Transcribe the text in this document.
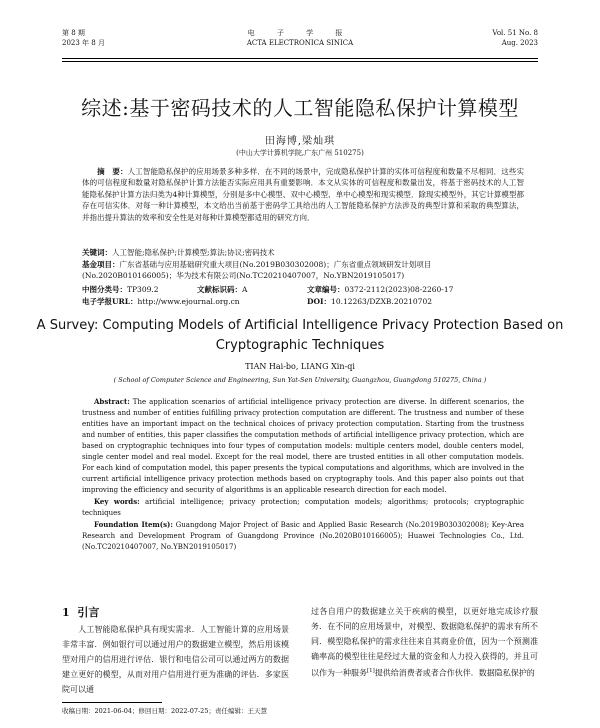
第 8 期
2023 年 8 月
电 子 学 报
ACTA ELECTRONICA SINICA
Vol. 51 No. 8
Aug. 2023
综述:基于密码技术的人工智能隐私保护计算模型
田海博,梁灿琪
(中山大学计算机学院,广东广州 510275)
摘　要：人工智能隐私保护的应用场景多种多样．在不同的场景中，完成隐私保护计算的实体可信程度和数量不尽相同．这些实体的可信程度和数量对隐私保护计算方法能否实际应用具有重要影响．本文从实体的可信程度和数量出发，将基于密码技术的人工智能隐私保护计算方法归类为4种计算模型，分别是多中心模型、双中心模型、单中心模型和现实模型．除现实模型外，其它计算模型都存在可信实体．对每一种计算模型，本文给出当前基于密码学工具给出的人工智能隐私保护方法涉及的典型计算和采取的典型算法，并指出提升算法的效率和安全性是对每种计算模型都适用的研究方向．
关键词：人工智能;隐私保护;计算模型;算法;协议;密码技术
基金项目：广东省基础与应用基础研究重大项目(No.2019B030302008)；广东省重点领域研发计划项目(No.2020B010166005)；华为技术有限公司(No.TC20210407007，No.YBN2019105017)
中图分类号：TP309.2	文献标识码：A	文章编号：0372-2112(2023)08-2260-17
电子学报URL：http://www.ejournal.org.cn	DOI：10.12263/DZXB.20210702
A Survey: Computing Models of Artificial Intelligence Privacy Protection Based on Cryptographic Techniques
TIAN Hai-bo, LIANG Xin-qi
( School of Computer Science and Engineering, Sun Yat-Sen University, Guangzhou, Guangdong 510275, China )

Abstract: The application scenarios of artificial intelligence privacy protection are diverse. In different scenarios, the trustness and number of entities fulfilling privacy protection computation are different. The trustness and number of these entities have an important impact on the technical choices of privacy protection computation. Starting from the trustness and number of entities, this paper classifies the computation methods of artificial intelligence privacy protection, which are based on cryptographic techniques into four types of computation models: multiple centers model, double centers model, single center model and real model. Except for the real model, there are trusted entities in all other computation models. For each kind of computation model, this paper presents the typical computations and algorithms, which are involved in the current artificial intelligence privacy protection methods based on cryptography tools. And this paper also points out that improving the efficiency and security of algorithms is an applicable research direction for each model.

Key words: artificial intelligence; privacy protection; computation models; algorithms; protocols; cryptographic techniques

Foundation Item(s): Guangdong Major Project of Basic and Applied Basic Research (No.2019B030302008); Key-Area Research and Development Program of Guangdong Province (No.2020B010166005); Huawei Technologies Co., Ltd. (No.TC20210407007, No.YBN2019105017)

1 引言
人工智能隐私保护具有现实需求．人工智能计算的应用场景非常丰富．例如银行可以通过用户的数据建立模型，然后用该模型对用户的信用进行评估．银行和电信公司可以通过两方的数据建立更好的模型，从而对用户信用进行更为准确的评估．多家医院可以通
过各自用户的数据建立关于疾病的模型，以更好地完成诊疗服务．在不同的应用场景中，对模型、数据隐私保护的需求有所不同．模型隐私保护的需求往往来自其商业价值，因为一个预测准确率高的模型往往是经过大量的资金和人力投入获得的，并且可以作为一种服务[1]提供给消费者或者合作伙伴．数据隐私保护的
收稿日期：2021-06-04；修回日期：2022-07-25；责任编辑：王天慧
